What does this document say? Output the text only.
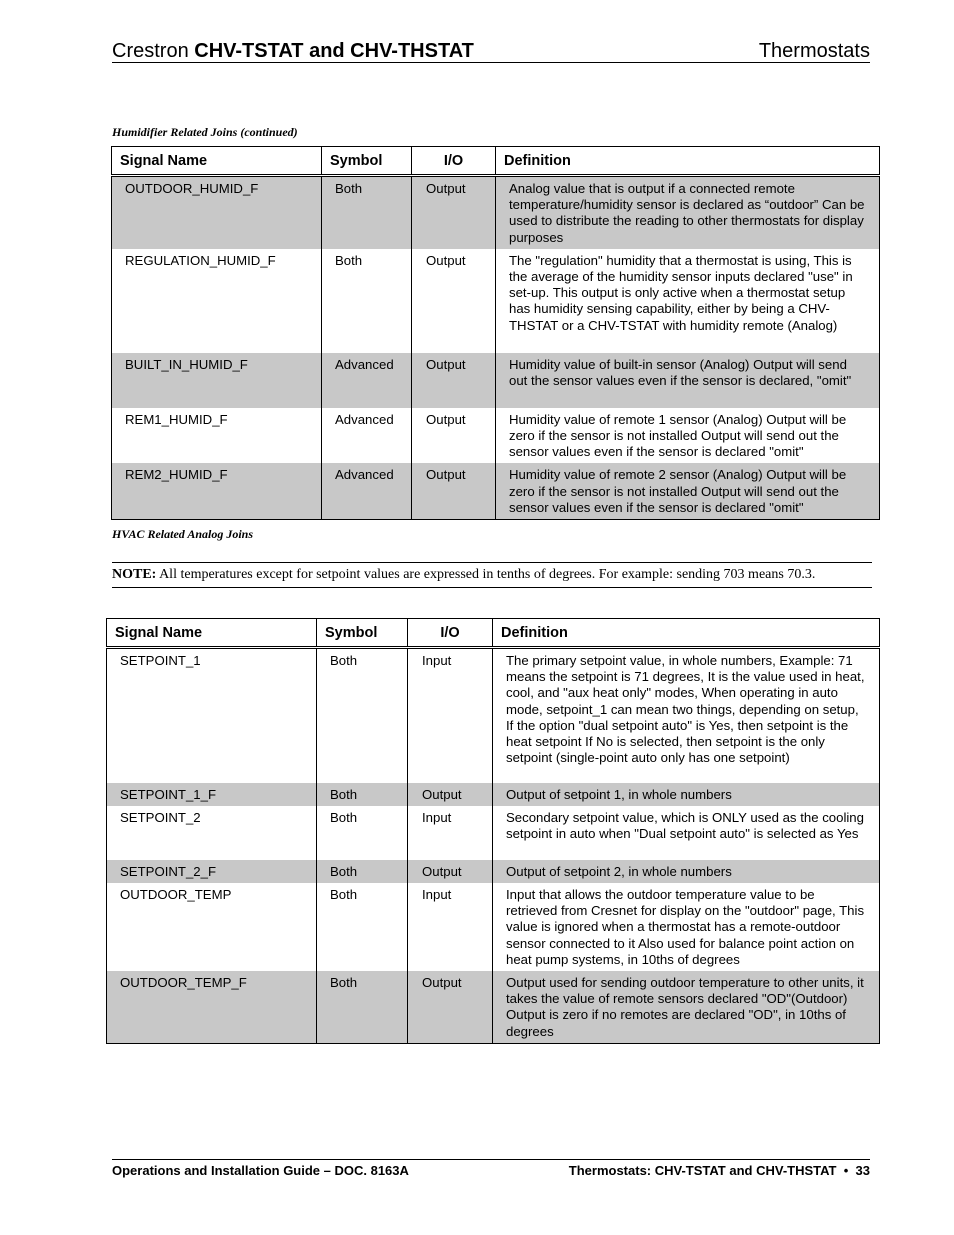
Crestron CHV-TSTAT and CHV-THSTAT	Thermostats
Humidifier Related Joins (continued)
Signal Name	Symbol	I/O	Definition
OUTDOOR_HUMID_F	Both	Output	Analog value that is output if a connected remote temperature/humidity sensor is declared as “outdoor” Can be used to distribute the reading to other thermostats for display purposes
REGULATION_HUMID_F	Both	Output	The "regulation" humidity that a thermostat is using, This is the average of the humidity sensor inputs declared "use" in set-up. This output is only active when a thermostat setup has humidity sensing capability, either by being a CHV-THSTAT or a CHV-TSTAT with humidity remote (Analog)
BUILT_IN_HUMID_F	Advanced	Output	Humidity value of built-in sensor (Analog) Output will send out the sensor values even if the sensor is declared, "omit"
REM1_HUMID_F	Advanced	Output	Humidity value of remote 1 sensor (Analog) Output will be zero if the sensor is not installed Output will send out the sensor values even if the sensor is declared "omit"
REM2_HUMID_F	Advanced	Output	Humidity value of remote 2 sensor (Analog) Output will be zero if the sensor is not installed Output will send out the sensor values even if the sensor is declared "omit"
HVAC Related Analog Joins
NOTE: All temperatures except for setpoint values are expressed in tenths of degrees. For example: sending 703 means 70.3.
Signal Name	Symbol	I/O	Definition
SETPOINT_1	Both	Input	The primary setpoint value, in whole numbers, Example: 71 means the setpoint is 71 degrees, It is the value used in heat, cool, and "aux heat only" modes, When operating in auto mode, setpoint_1 can mean two things, depending on setup, If the option "dual setpoint auto" is Yes, then setpoint is the heat setpoint If No is selected, then setpoint is the only setpoint (single-point auto only has one setpoint)
SETPOINT_1_F	Both	Output	Output of setpoint 1, in whole numbers
SETPOINT_2	Both	Input	Secondary setpoint value, which is ONLY used as the cooling setpoint in auto when "Dual setpoint auto" is selected as Yes
SETPOINT_2_F	Both	Output	Output of setpoint 2, in whole numbers
OUTDOOR_TEMP	Both	Input	Input that allows the outdoor temperature value to be retrieved from Cresnet for display on the "outdoor" page, This value is ignored when a thermostat has a remote-outdoor sensor connected to it Also used for balance point action on heat pump systems, in 10ths of degrees
OUTDOOR_TEMP_F	Both	Output	Output used for sending outdoor temperature to other units, it takes the value of remote sensors declared "OD"(Outdoor) Output is zero if no remotes are declared "OD", in 10ths of degrees
Operations and Installation Guide – DOC. 8163A	Thermostats: CHV-TSTAT and CHV-THSTAT • 33
